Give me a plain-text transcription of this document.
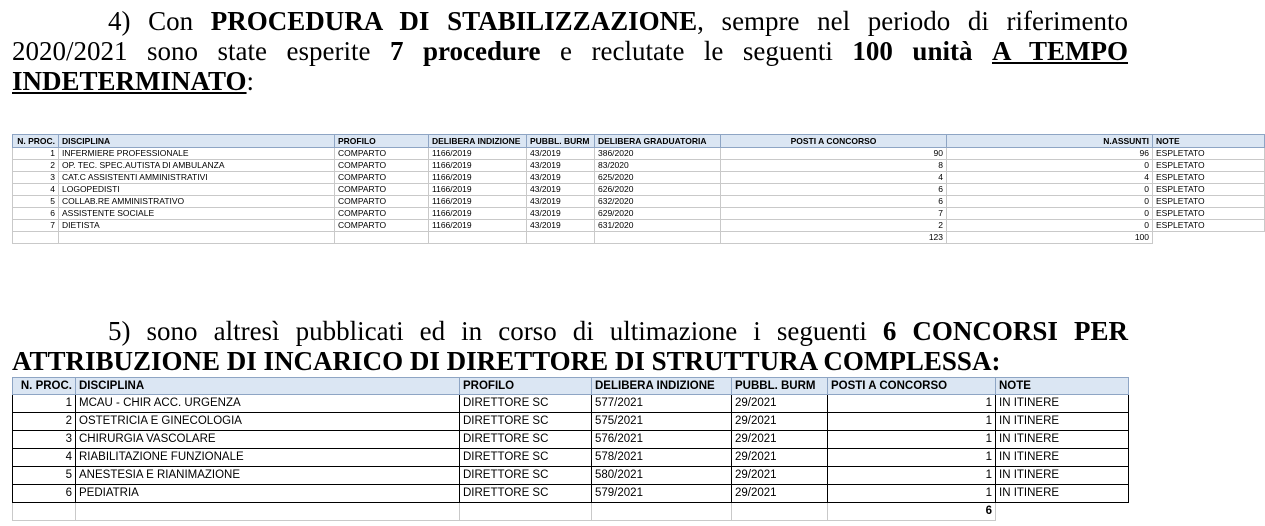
4) Con PROCEDURA DI STABILIZZAZIONE, sempre nel periodo di riferimento 2020/2021 sono state esperite 7 procedure e reclutate le seguenti 100 unità A TEMPO INDETERMINATO:

N. PROC.	DISCIPLINA	PROFILO	DELIBERA INDIZIONE	PUBBL. BURM	DELIBERA GRADUATORIA	POSTI A CONCORSO	N.ASSUNTI	NOTE
1	INFERMIERE PROFESSIONALE	COMPARTO	1166/2019	43/2019	386/2020	90	96	ESPLETATO
2	OP. TEC. SPEC.AUTISTA DI AMBULANZA	COMPARTO	1166/2019	43/2019	83/2020	8	0	ESPLETATO
3	CAT.C ASSISTENTI AMMINISTRATIVI	COMPARTO	1166/2019	43/2019	625/2020	4	4	ESPLETATO
4	LOGOPEDISTI	COMPARTO	1166/2019	43/2019	626/2020	6	0	ESPLETATO
5	COLLAB.RE AMMINISTRATIVO	COMPARTO	1166/2019	43/2019	632/2020	6	0	ESPLETATO
6	ASSISTENTE SOCIALE	COMPARTO	1166/2019	43/2019	629/2020	7	0	ESPLETATO
7	DIETISTA	COMPARTO	1166/2019	43/2019	631/2020	2	0	ESPLETATO
						123	100	

5) sono altresì pubblicati ed in corso di ultimazione i seguenti 6 CONCORSI PER ATTRIBUZIONE DI INCARICO DI DIRETTORE DI STRUTTURA COMPLESSA:

N. PROC.	DISCIPLINA	PROFILO	DELIBERA INDIZIONE	PUBBL. BURM	POSTI A CONCORSO	NOTE
1	MCAU - CHIR ACC. URGENZA	DIRETTORE SC	577/2021	29/2021	1	IN ITINERE
2	OSTETRICIA E GINECOLOGIA	DIRETTORE SC	575/2021	29/2021	1	IN ITINERE
3	CHIRURGIA VASCOLARE	DIRETTORE SC	576/2021	29/2021	1	IN ITINERE
4	RIABILITAZIONE FUNZIONALE	DIRETTORE SC	578/2021	29/2021	1	IN ITINERE
5	ANESTESIA E RIANIMAZIONE	DIRETTORE SC	580/2021	29/2021	1	IN ITINERE
6	PEDIATRIA	DIRETTORE SC	579/2021	29/2021	1	IN ITINERE
					6	
